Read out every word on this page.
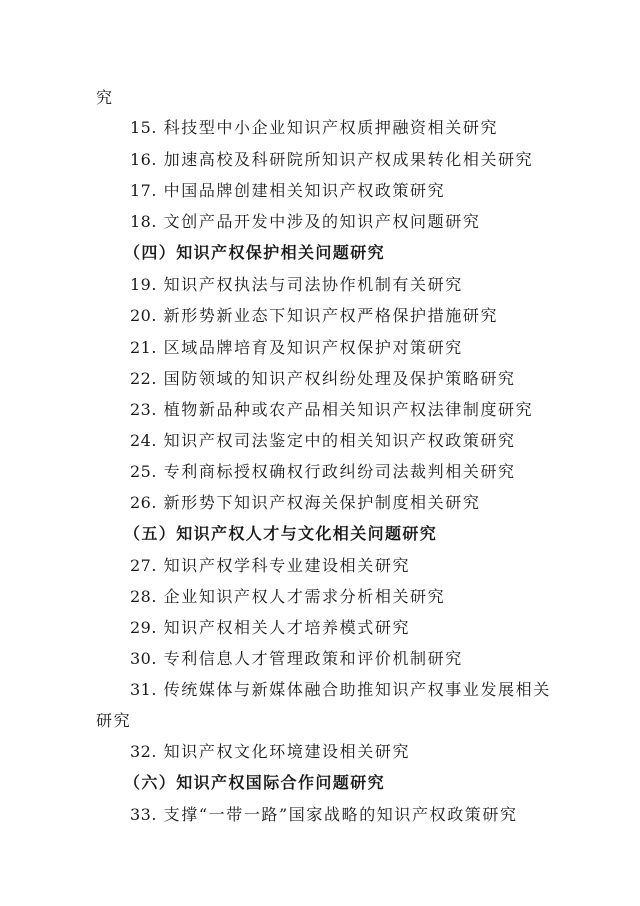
究
15. 科技型中小企业知识产权质押融资相关研究
16. 加速高校及科研院所知识产权成果转化相关研究
17. 中国品牌创建相关知识产权政策研究
18. 文创产品开发中涉及的知识产权问题研究
（四）知识产权保护相关问题研究
19. 知识产权执法与司法协作机制有关研究
20. 新形势新业态下知识产权严格保护措施研究
21. 区域品牌培育及知识产权保护对策研究
22. 国防领域的知识产权纠纷处理及保护策略研究
23. 植物新品种或农产品相关知识产权法律制度研究
24. 知识产权司法鉴定中的相关知识产权政策研究
25. 专利商标授权确权行政纠纷司法裁判相关研究
26. 新形势下知识产权海关保护制度相关研究
（五）知识产权人才与文化相关问题研究
27. 知识产权学科专业建设相关研究
28. 企业知识产权人才需求分析相关研究
29. 知识产权相关人才培养模式研究
30. 专利信息人才管理政策和评价机制研究
31. 传统媒体与新媒体融合助推知识产权事业发展相关
研究
32. 知识产权文化环境建设相关研究
（六）知识产权国际合作问题研究
33. 支撑“一带一路”国家战略的知识产权政策研究
